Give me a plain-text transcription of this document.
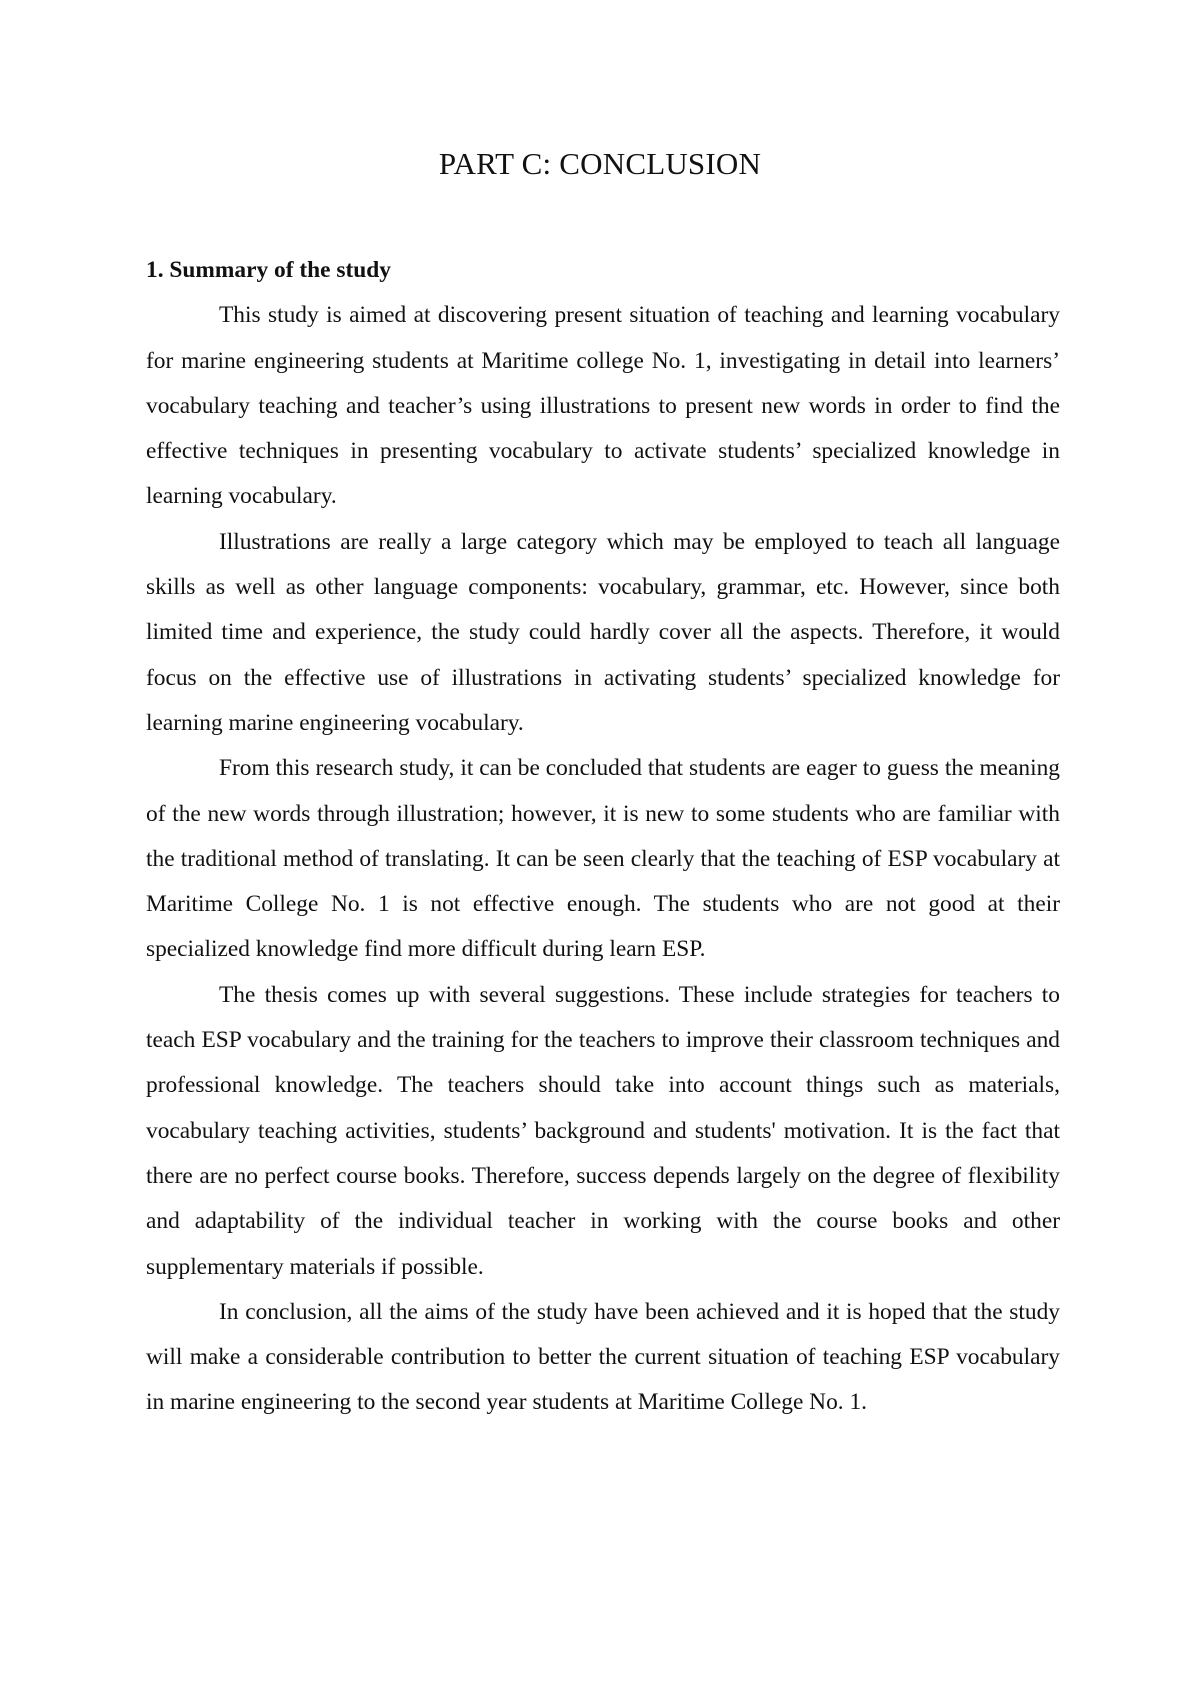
PART C: CONCLUSION

1. Summary of the study

This study is aimed at discovering present situation of teaching and learning vocabulary for marine engineering students at Maritime college No. 1, investigating in detail into learners’ vocabulary teaching and teacher’s using illustrations to present new words in order to find the effective techniques in presenting vocabulary to activate students’ specialized knowledge in learning vocabulary.

Illustrations are really a large category which may be employed to teach all language skills as well as other language components: vocabulary, grammar, etc. However, since both limited time and experience, the study could hardly cover all the aspects. Therefore, it would focus on the effective use of illustrations in activating students’ specialized knowledge for learning marine engineering vocabulary.

From this research study, it can be concluded that students are eager to guess the meaning of the new words through illustration; however, it is new to some students who are familiar with the traditional method of translating. It can be seen clearly that the teaching of ESP vocabulary at Maritime College No. 1 is not effective enough. The students who are not good at their specialized knowledge find more difficult during learn ESP.

The thesis comes up with several suggestions. These include strategies for teachers to teach ESP vocabulary and the training for the teachers to improve their classroom techniques and professional knowledge. The teachers should take into account things such as materials, vocabulary teaching activities, students’ background and students' motivation. It is the fact that there are no perfect course books. Therefore, success depends largely on the degree of flexibility and adaptability of the individual teacher in working with the course books and other supplementary materials if possible.

In conclusion, all the aims of the study have been achieved and it is hoped that the study will make a considerable contribution to better the current situation of teaching ESP vocabulary in marine engineering to the second year students at Maritime College No. 1.
